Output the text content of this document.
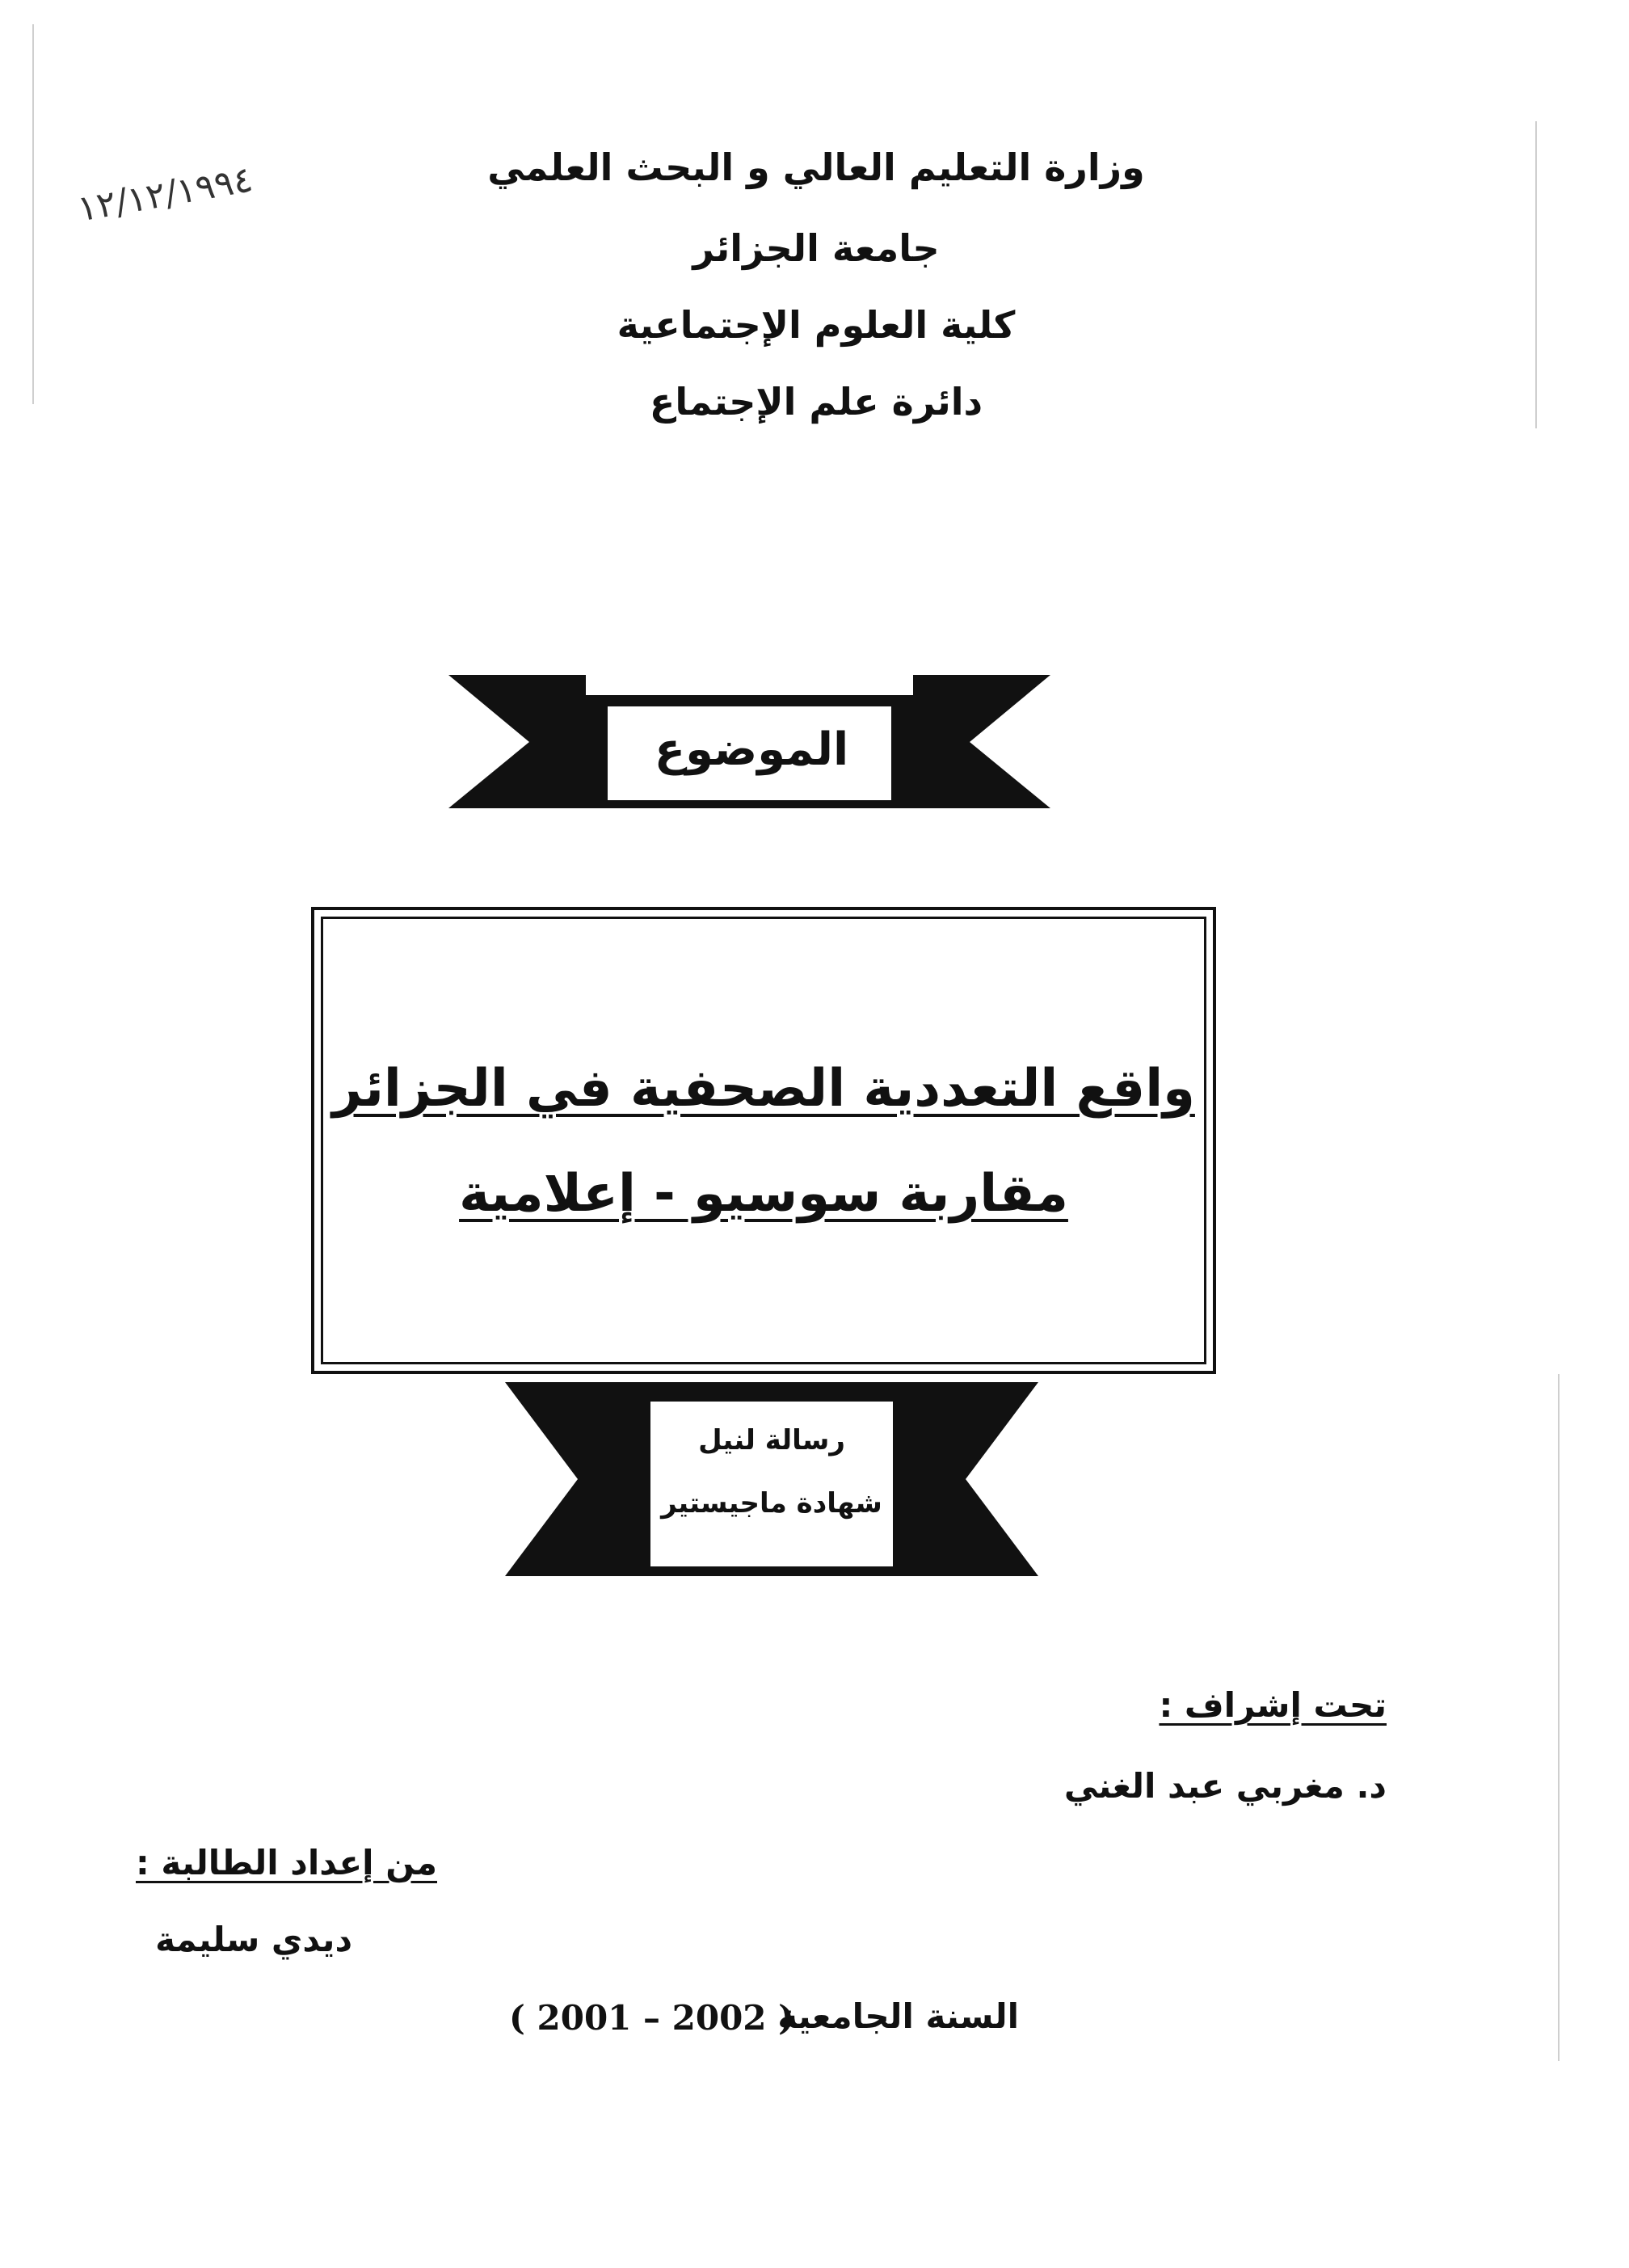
وزارة التعليم العالي و البحث العلمي
جامعة الجزائر
كلية العلوم الإجتماعية
دائرة علم الإجتماع
١٢/١٢/١٩٩٤
الموضوع
واقع التعددية الصحفية في الجزائر
مقاربة سوسيو - إعلامية
رسالة لنيل
شهادة ماجيستير
تحت إشراف :
د. مغربي عبد الغني
من إعداد الطالبة :
ديدي سليمة
السنة الجامعية
( 2001 – 2002 )
